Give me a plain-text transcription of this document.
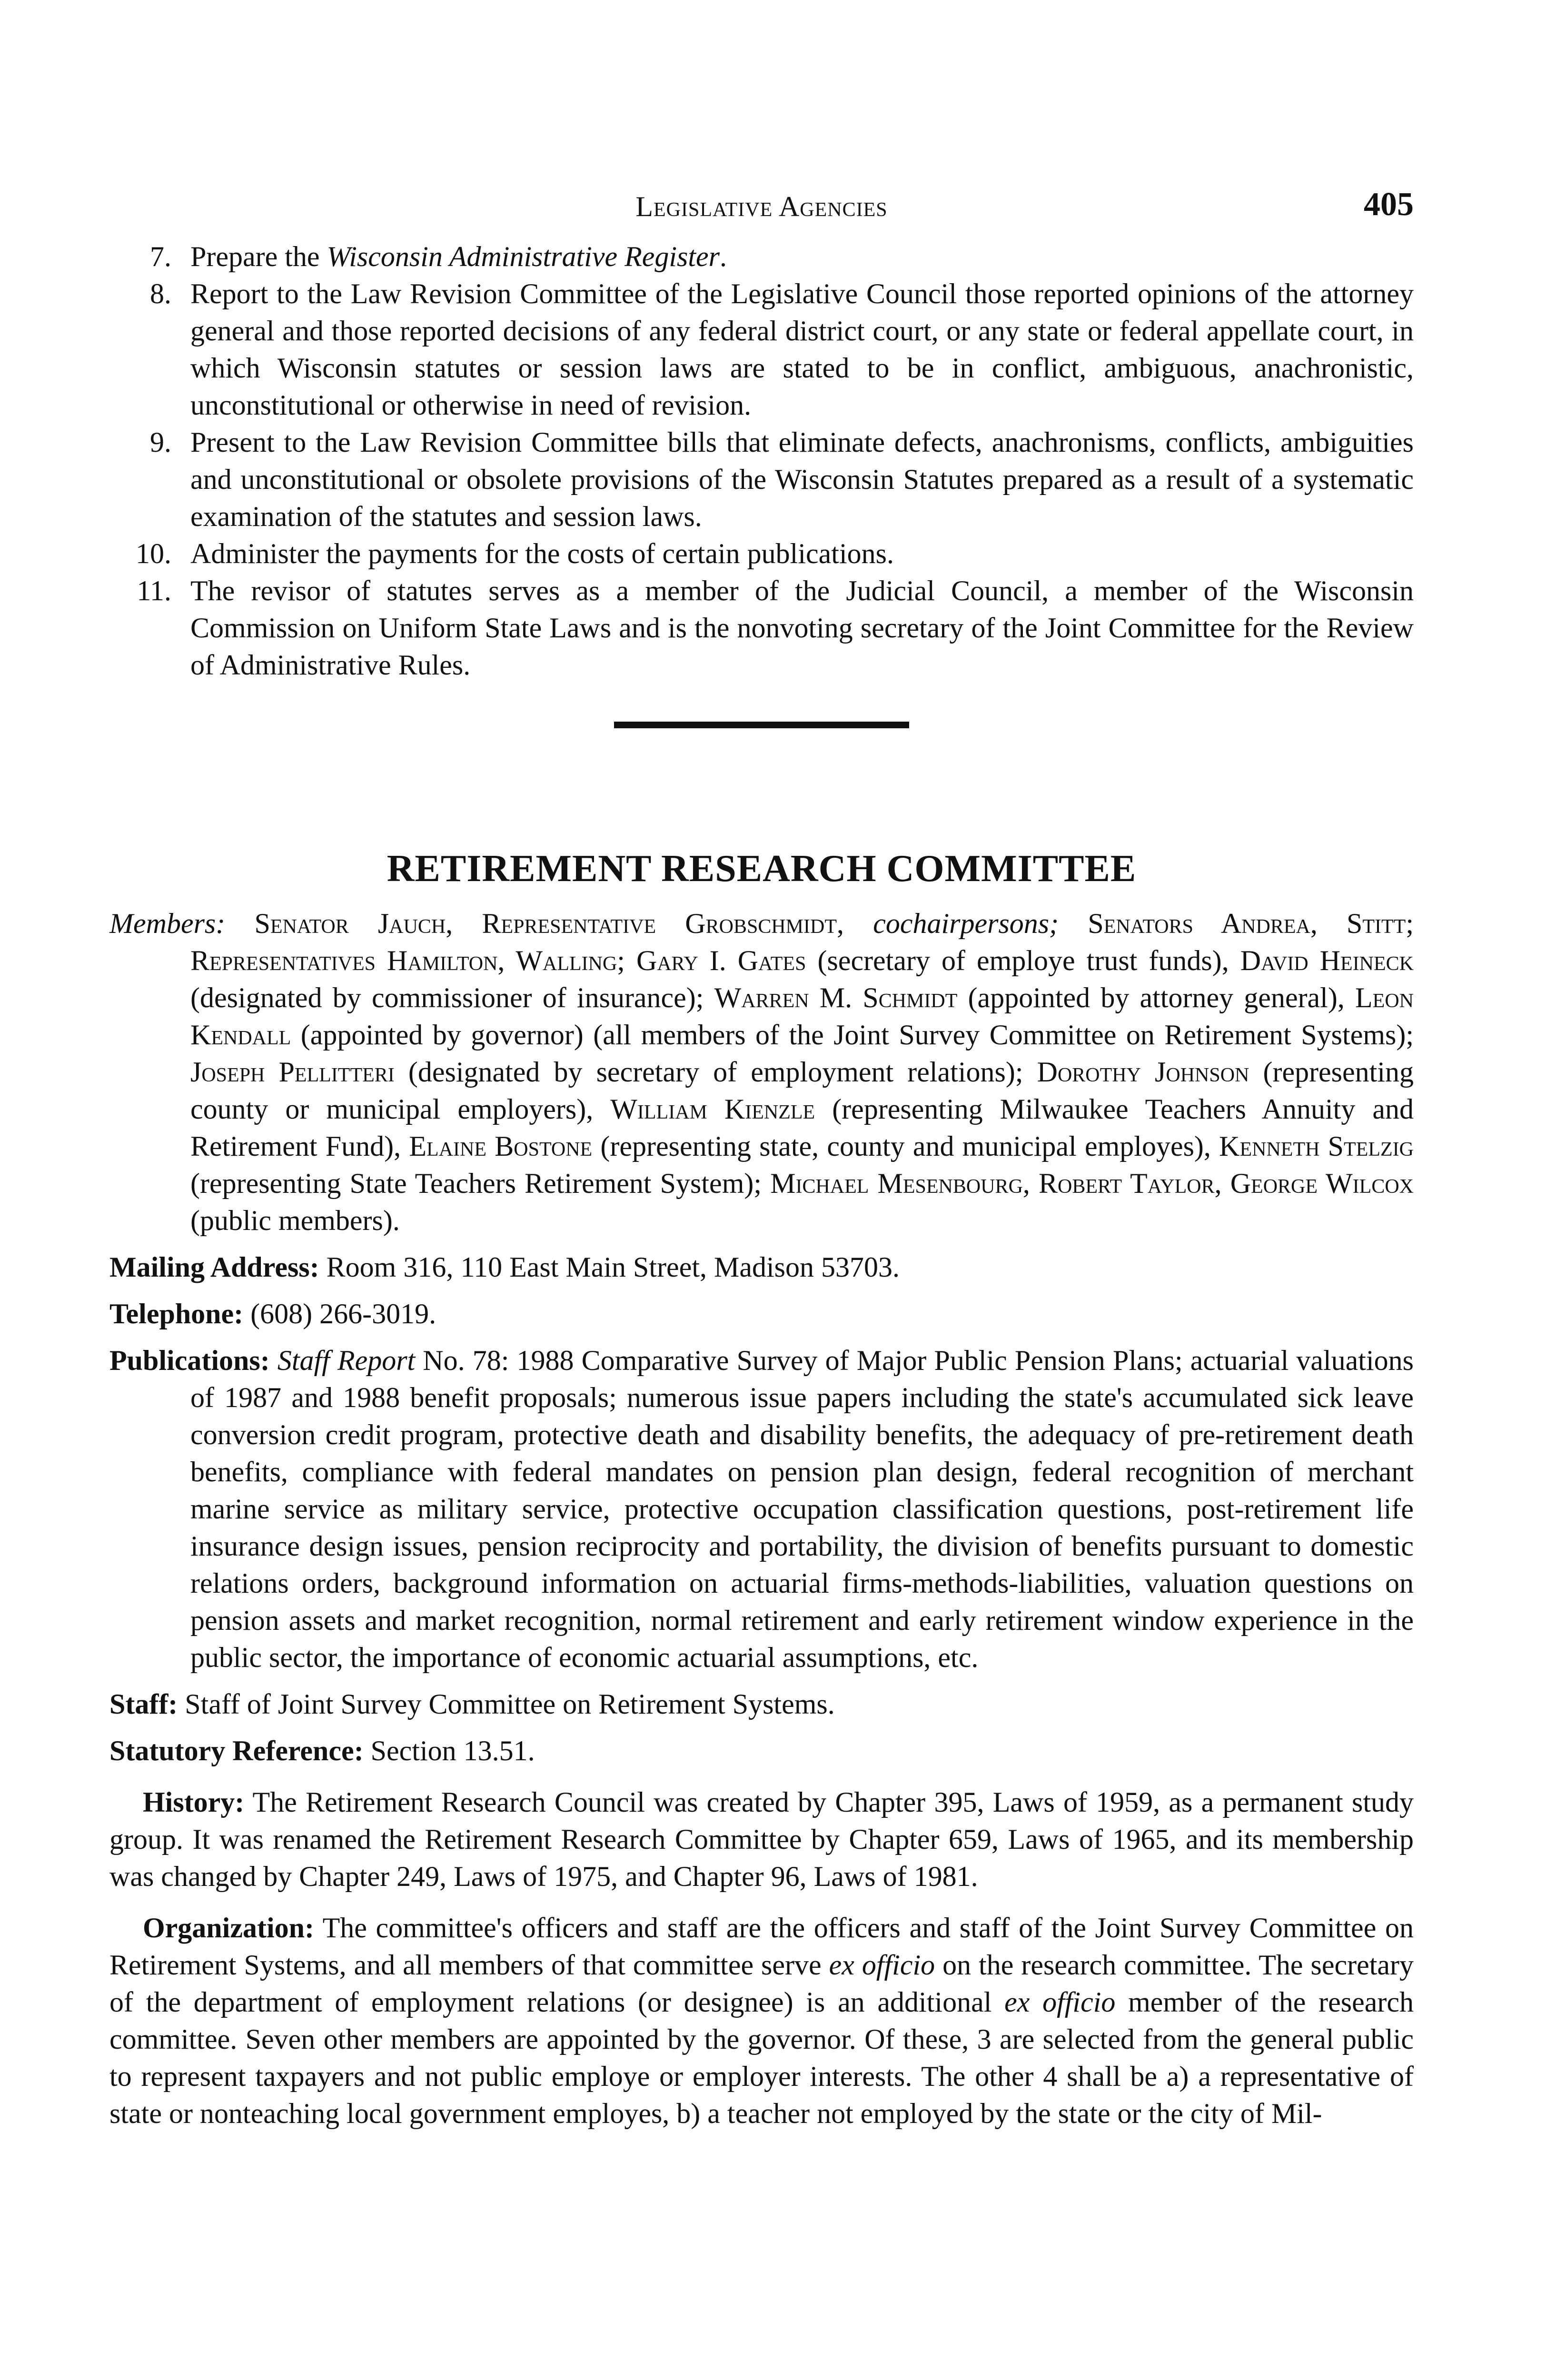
Legislative Agencies	405
7. Prepare the Wisconsin Administrative Register.
8. Report to the Law Revision Committee of the Legislative Council those reported opinions of the attorney general and those reported decisions of any federal district court, or any state or federal appellate court, in which Wisconsin statutes or session laws are stated to be in conflict, ambiguous, anachronistic, unconstitutional or otherwise in need of revision.
9. Present to the Law Revision Committee bills that eliminate defects, anachronisms, conflicts, ambiguities and unconstitutional or obsolete provisions of the Wisconsin Statutes prepared as a result of a systematic examination of the statutes and session laws.
10. Administer the payments for the costs of certain publications.
11. The revisor of statutes serves as a member of the Judicial Council, a member of the Wisconsin Commission on Uniform State Laws and is the nonvoting secretary of the Joint Committee for the Review of Administrative Rules.
RETIREMENT RESEARCH COMMITTEE

Members: Senator Jauch, Representative Grobschmidt, cochairpersons; Senators Andrea, Stitt; Representatives Hamilton, Walling; Gary I. Gates (secretary of employe trust funds), David Heineck (designated by commissioner of insurance); Warren M. Schmidt (appointed by attorney general), Leon Kendall (appointed by governor) (all members of the Joint Survey Committee on Retirement Systems); Joseph Pellitteri (designated by secretary of employment relations); Dorothy Johnson (representing county or municipal employers), William Kienzle (representing Milwaukee Teachers Annuity and Retirement Fund), Elaine Bostone (representing state, county and municipal employes), Kenneth Stelzig (representing State Teachers Retirement System); Michael Mesenbourg, Robert Taylor, George Wilcox (public members).

Mailing Address: Room 316, 110 East Main Street, Madison 53703.

Telephone: (608) 266-3019.

Publications: Staff Report No. 78: 1988 Comparative Survey of Major Public Pension Plans; actuarial valuations of 1987 and 1988 benefit proposals; numerous issue papers including the state's accumulated sick leave conversion credit program, protective death and disability benefits, the adequacy of pre-retirement death benefits, compliance with federal mandates on pension plan design, federal recognition of merchant marine service as military service, protective occupation classification questions, post-retirement life insurance design issues, pension reciprocity and portability, the division of benefits pursuant to domestic relations orders, background information on actuarial firms-methods-liabilities, valuation questions on pension assets and market recognition, normal retirement and early retirement window experience in the public sector, the importance of economic actuarial assumptions, etc.

Staff: Staff of Joint Survey Committee on Retirement Systems.

Statutory Reference: Section 13.51.

History: The Retirement Research Council was created by Chapter 395, Laws of 1959, as a permanent study group. It was renamed the Retirement Research Committee by Chapter 659, Laws of 1965, and its membership was changed by Chapter 249, Laws of 1975, and Chapter 96, Laws of 1981.

Organization: The committee's officers and staff are the officers and staff of the Joint Survey Committee on Retirement Systems, and all members of that committee serve ex officio on the research committee. The secretary of the department of employment relations (or designee) is an additional ex officio member of the research committee. Seven other members are appointed by the governor. Of these, 3 are selected from the general public to represent taxpayers and not public employe or employer interests. The other 4 shall be a) a representative of state or nonteaching local government employes, b) a teacher not employed by the state or the city of Mil-
